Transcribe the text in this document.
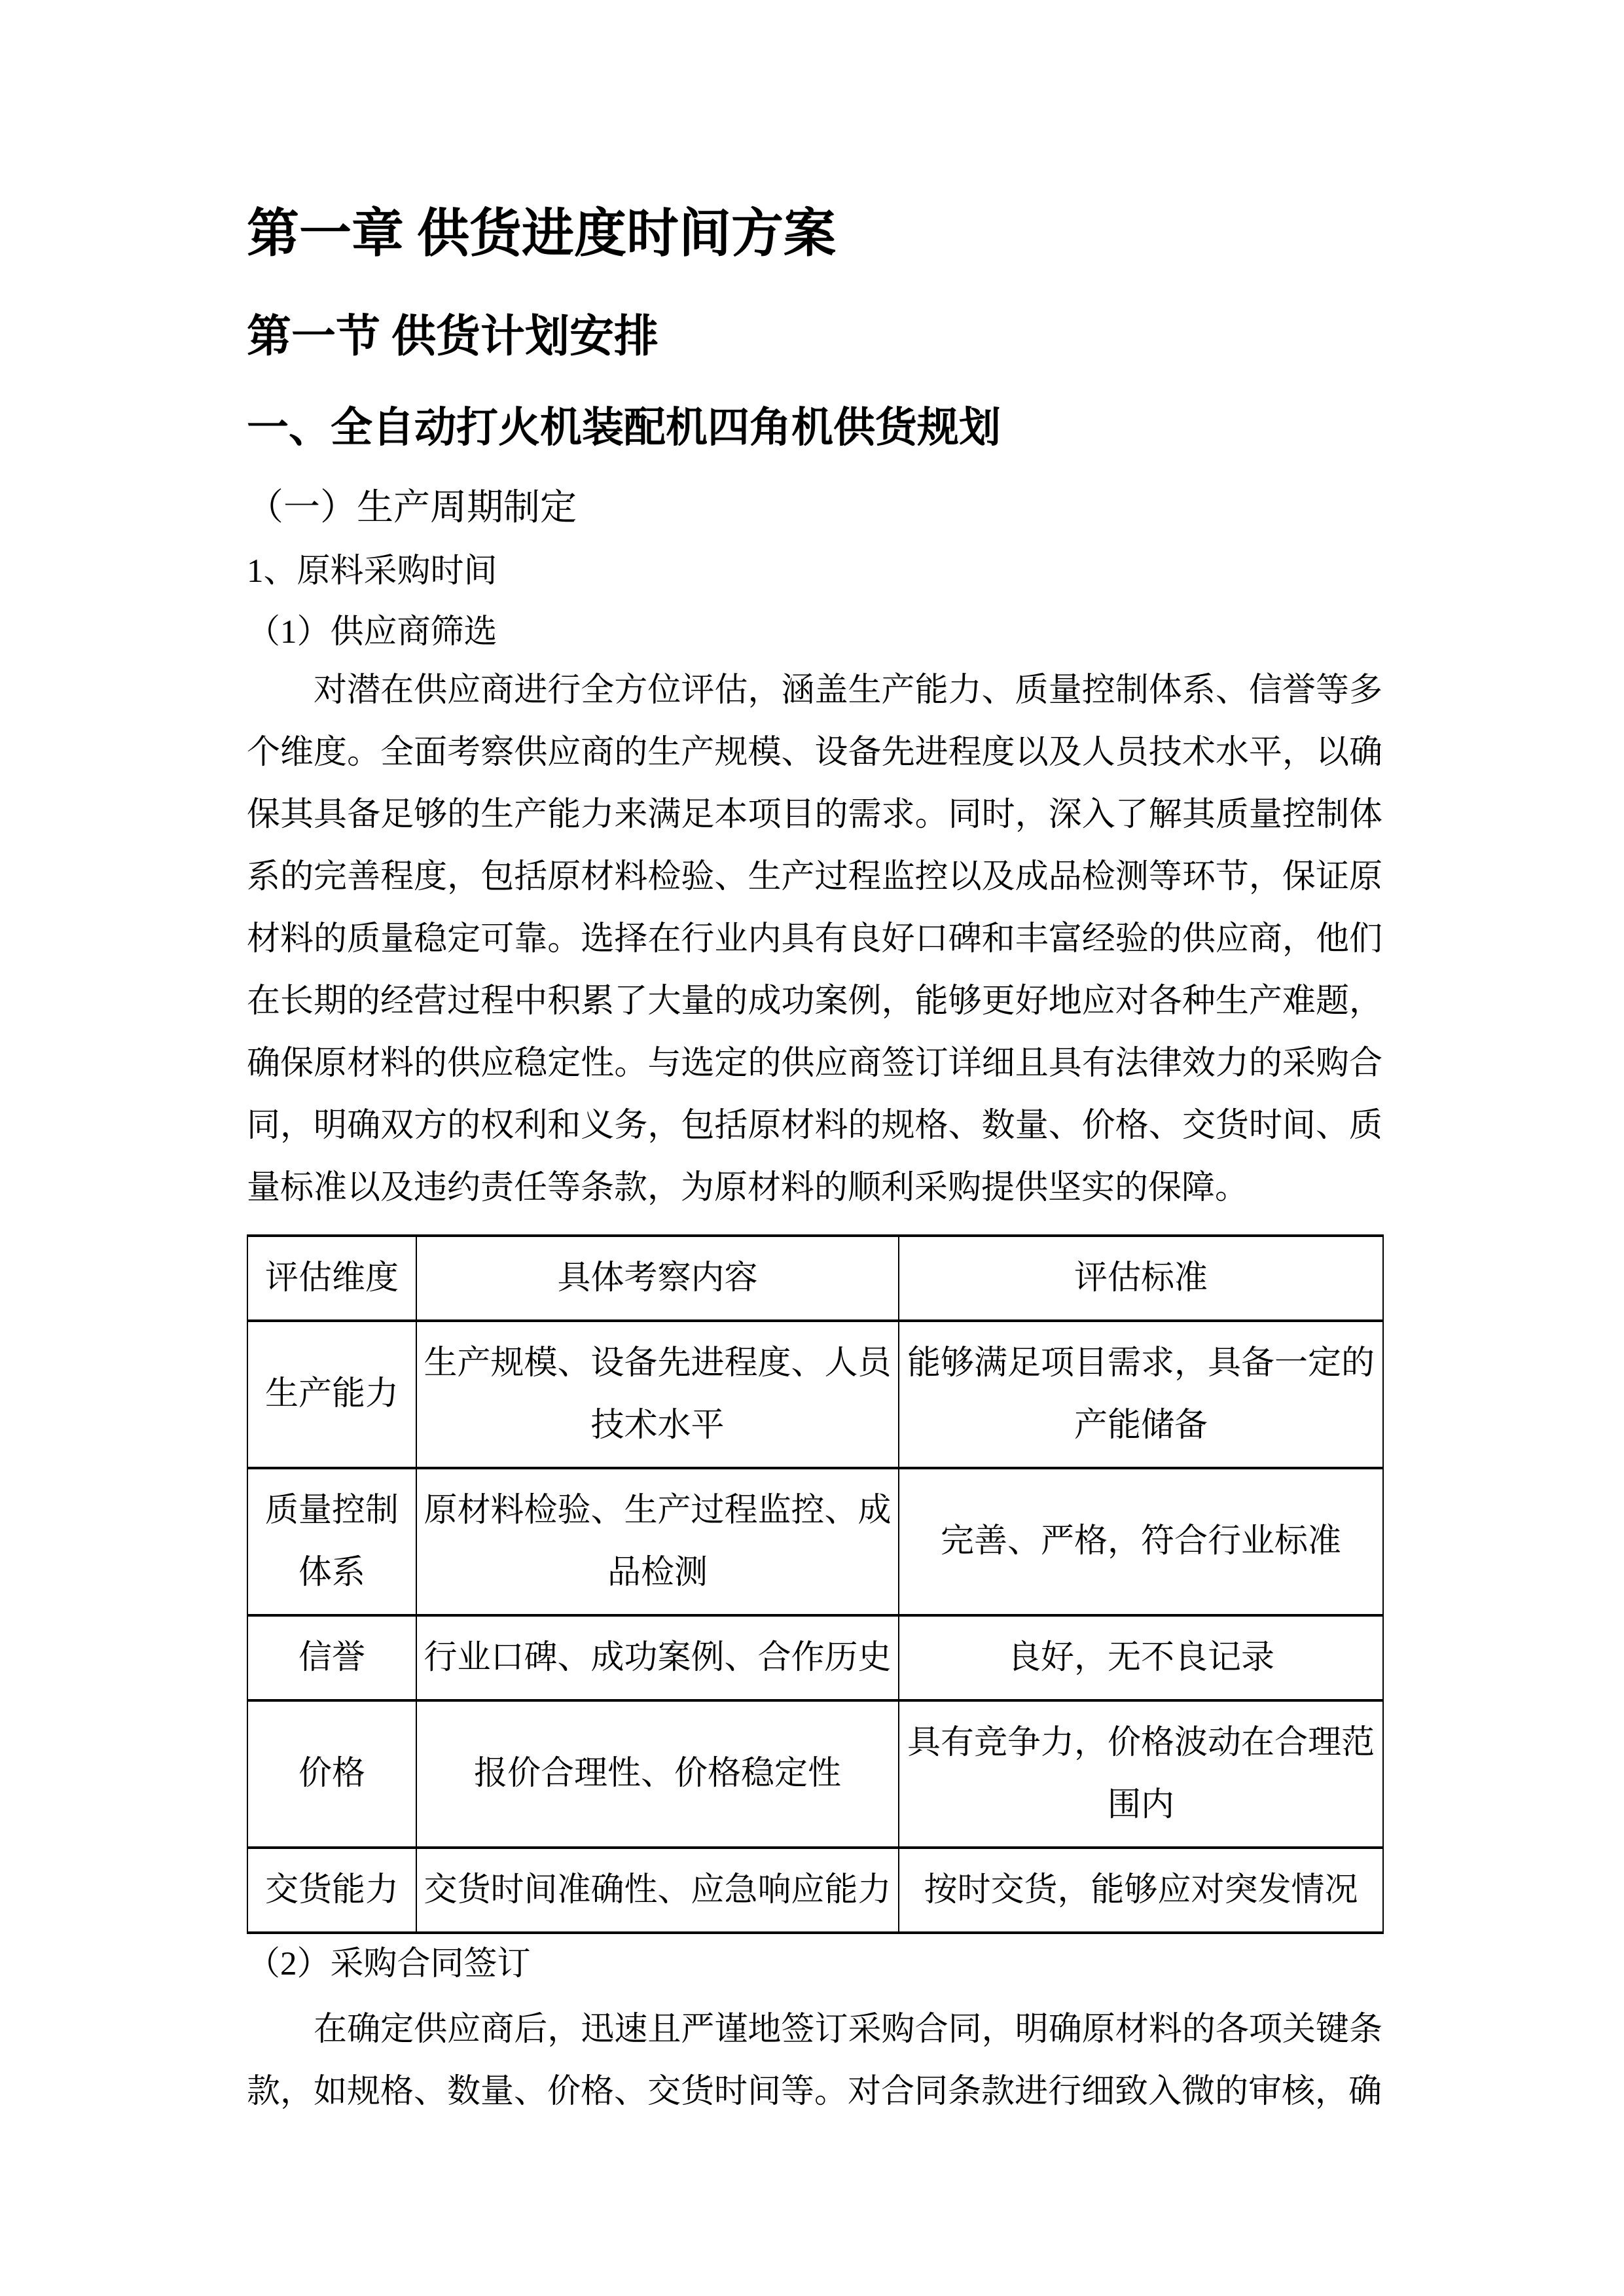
第一章 供货进度时间方案
第一节 供货计划安排
一、全自动打火机装配机四角机供货规划
（一）生产周期制定
1、原料采购时间
（1）供应商筛选

对潜在供应商进行全方位评估，涵盖生产能力、质量控制体系、信誉等多个维度。全面考察供应商的生产规模、设备先进程度以及人员技术水平，以确保其具备足够的生产能力来满足本项目的需求。同时，深入了解其质量控制体系的完善程度，包括原材料检验、生产过程监控以及成品检测等环节，保证原材料的质量稳定可靠。选择在行业内具有良好口碑和丰富经验的供应商，他们在长期的经营过程中积累了大量的成功案例，能够更好地应对各种生产难题，确保原材料的供应稳定性。与选定的供应商签订详细且具有法律效力的采购合同，明确双方的权利和义务，包括原材料的规格、数量、价格、交货时间、质量标准以及违约责任等条款，为原材料的顺利采购提供坚实的保障。

评估维度	具体考察内容	评估标准
生产能力	生产规模、设备先进程度、人员技术水平	能够满足项目需求，具备一定的产能储备
质量控制体系	原材料检验、生产过程监控、成品检测	完善、严格，符合行业标准
信誉	行业口碑、成功案例、合作历史	良好，无不良记录
价格	报价合理性、价格稳定性	具有竞争力，价格波动在合理范围内
交货能力	交货时间准确性、应急响应能力	按时交货，能够应对突发情况
（2）采购合同签订

在确定供应商后，迅速且严谨地签订采购合同，明确原材料的各项关键条款，如规格、数量、价格、交货时间等。对合同条款进行细致入微的审核，确
